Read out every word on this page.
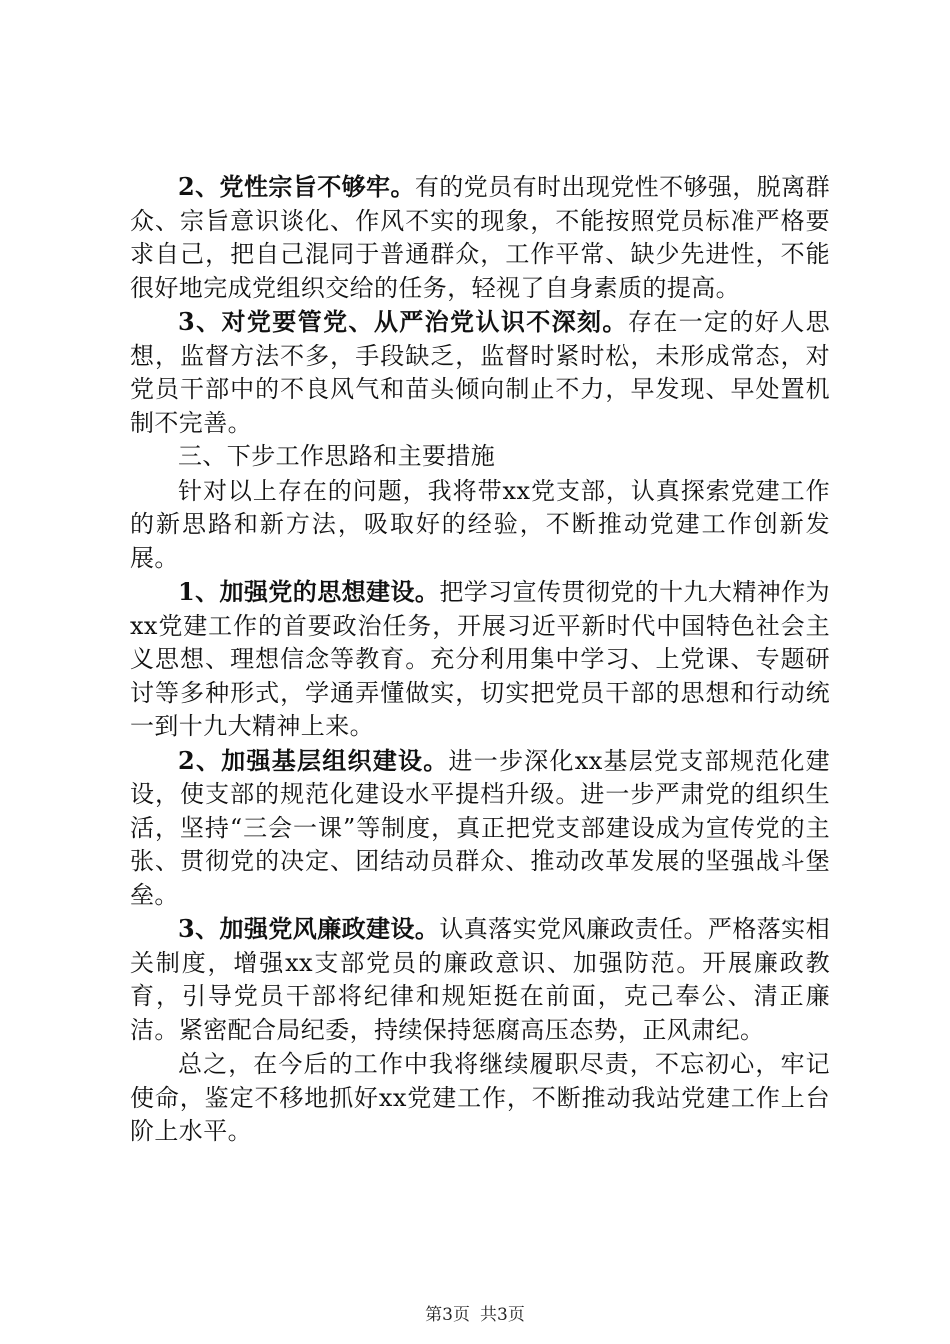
2、党性宗旨不够牢。有的党员有时出现党性不够强，脱离群众、宗旨意识谈化、作风不实的现象，不能按照党员标准严格要求自己，把自己混同于普通群众，工作平常、缺少先进性，不能很好地完成党组织交给的任务，轻视了自身素质的提高。

3、对党要管党、从严治党认识不深刻。存在一定的好人思想，监督方法不多，手段缺乏，监督时紧时松，未形成常态，对党员干部中的不良风气和苗头倾向制止不力，早发现、早处置机制不完善。

三、下步工作思路和主要措施

针对以上存在的问题，我将带xx党支部，认真探索党建工作的新思路和新方法，吸取好的经验，不断推动党建工作创新发展。

1、加强党的思想建设。把学习宣传贯彻党的十九大精神作为xx党建工作的首要政治任务，开展习近平新时代中国特色社会主义思想、理想信念等教育。充分利用集中学习、上党课、专题研讨等多种形式，学通弄懂做实，切实把党员干部的思想和行动统一到十九大精神上来。

2、加强基层组织建设。进一步深化xx基层党支部规范化建设，使支部的规范化建设水平提档升级。进一步严肃党的组织生活，坚持“三会一课”等制度，真正把党支部建设成为宣传党的主张、贯彻党的决定、团结动员群众、推动改革发展的坚强战斗堡垒。

3、加强党风廉政建设。认真落实党风廉政责任。严格落实相关制度，增强xx支部党员的廉政意识、加强防范。开展廉政教育，引导党员干部将纪律和规矩挺在前面，克己奉公、清正廉洁。紧密配合局纪委，持续保持惩腐高压态势，正风肃纪。

总之，在今后的工作中我将继续履职尽责，不忘初心，牢记使命，鉴定不移地抓好xx党建工作，不断推动我站党建工作上台阶上水平。

第3页 共3页
